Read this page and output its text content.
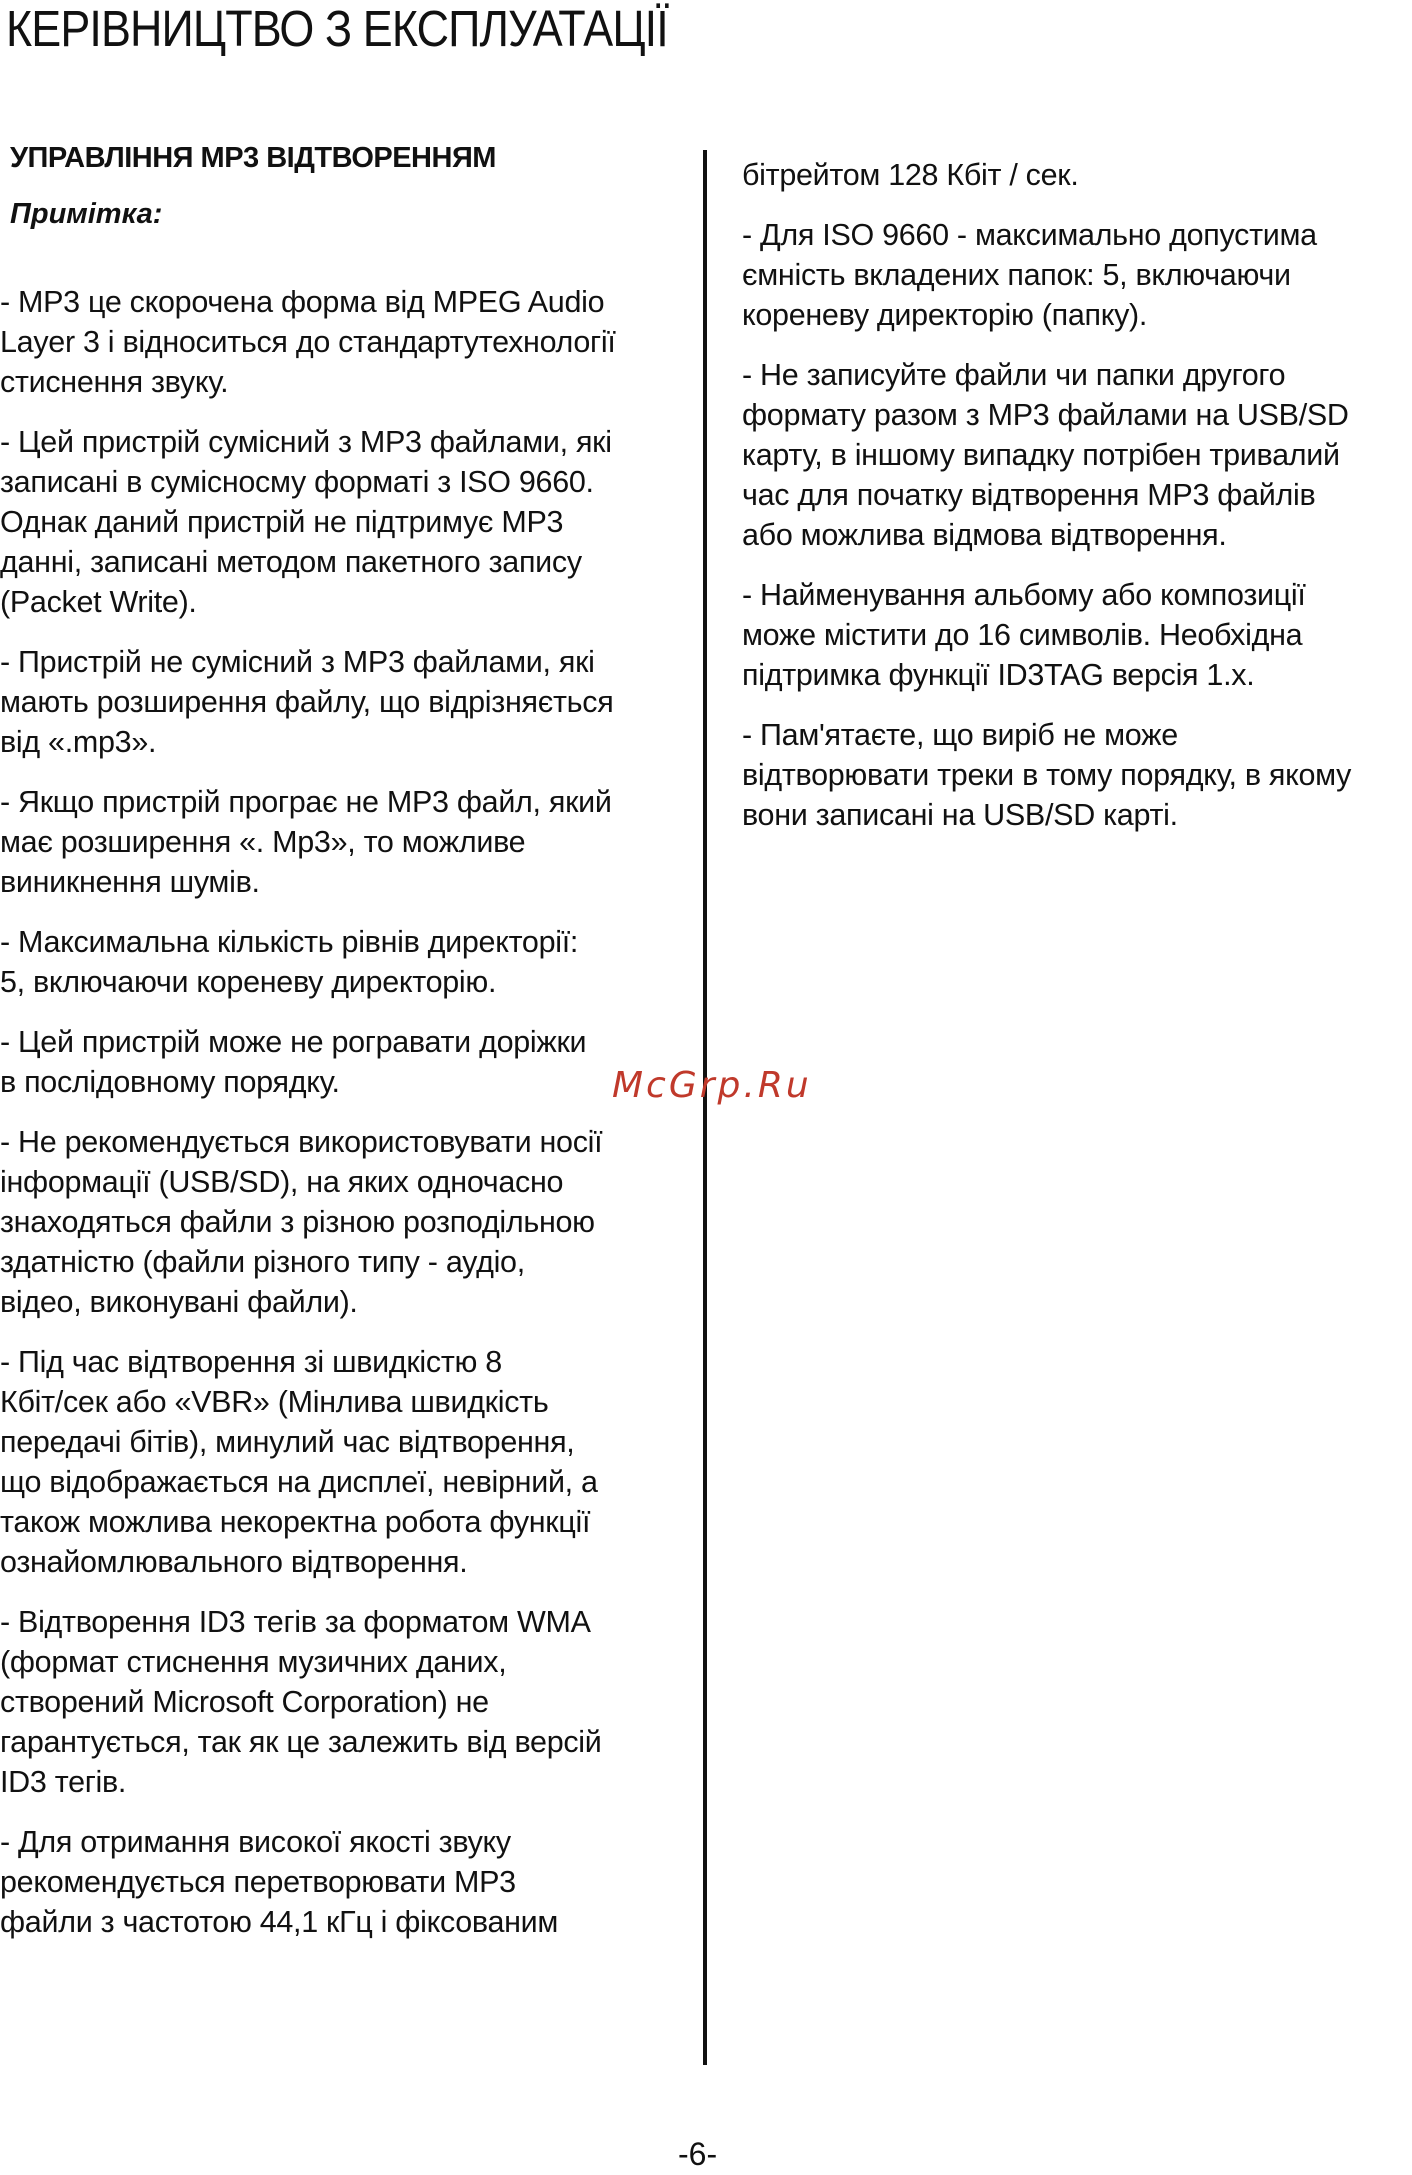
КЕРІВНИЦТВО З ЕКСПЛУАТАЦІЇ
УПРАВЛІННЯ МР3 ВІДТВОРЕННЯМ
Примітка:

- МР3 це скорочена форма від MPEG Audio
Layer 3 і відноситься до стандартутехнології
стиснення звуку.

- Цей пристрій сумісний з МР3 файлами, які
записані в сумісносму форматі з ISO 9660.
Однак даний пристрій не підтримує МР3
данні, записані методом пакетного запису
(Packet Write).

- Пристрій не сумісний з МР3 файлами, які
мають розширення файлу, що відрізняється
від «.mp3».

- Якщо пристрій програє не МР3 файл, який
має розширення «. Mp3», то можливе
виникнення шумів.

- Максимальна кількість рівнів директорії:
5, включаючи кореневу директорію.

- Цей пристрій може не рогравати доріжки
в послідовному порядку.

- Не рекомендується використовувати носії
інформації (USB/SD), на яких одночасно
знаходяться файли з різною розподільною
здатністю (файли різного типу - аудіо,
відео, виконувані файли).

- Під час відтворення зі швидкістю 8
Кбіт/сек або «VBR» (Мінлива швидкість
передачі бітів), минулий час відтворення,
що відображається на дисплеї, невірний, а
також можлива некоректна робота функції
ознайомлювального відтворення.

- Відтворення ID3 тегів за форматом WMA
(формат стиснення музичних даних,
створений Microsoft Corporation) не
гарантується, так як це залежить від версій
ID3 тегів.

- Для отримання високої якості звуку
рекомендується перетворювати МР3
файли з частотою 44,1 кГц і фіксованим

бітрейтом 128 Кбіт / сек.

- Для ISO 9660 - максимально допустима
ємність вкладених папок: 5, включаючи
кореневу директорію (папку).

- Не записуйте файли чи папки другого
формату разом з МР3 файлами на USB/SD
карту, в іншому випадку потрібен тривалий
час для початку відтворення МР3 файлів
або можлива відмова відтворення.

- Найменування альбому або композиції
може містити до 16 символів. Необхідна
підтримка функції ID3TAG версія 1.х.

- Пам'ятаєте, що виріб не може
відтворювати треки в тому порядку, в якому
вони записані на USB/SD карті.

McGrp.Ru
-6-
